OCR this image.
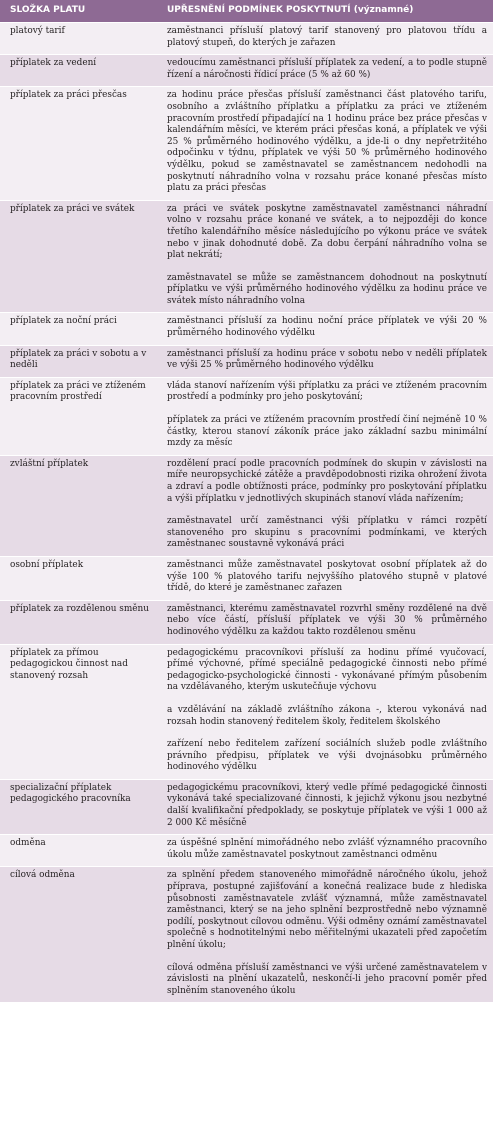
SLOŽKA PLATU	UPŘESNĚNÍ PODMÍNEK POSKYTNUTÍ (významné)
platový tarif	zaměstnanci přísluší platový tarif stanovený pro platovou třídu a platový stupeň, do kterých je zařazen

příplatek za vedení	vedoucímu zaměstnanci přísluší příplatek za vedení, a to podle stupně řízení a náročnosti řídicí práce (5 % až 60 %)

příplatek za práci přesčas	za hodinu práce přesčas přísluší zaměstnanci část platového tarifu, osobního a zvláštního příplatku a příplatku za práci ve ztíženém pracovním prostředí připadající na 1 hodinu práce bez práce přesčas v kalendářním měsíci, ve kterém práci přesčas koná, a příplatek ve výši 25 % průměrného hodinového výdělku, a jde-li o dny nepřetržitého odpočinku v týdnu, příplatek ve výši 50 % průměrného hodinového výdělku, pokud se zaměstnavatel se zaměstnancem nedohodli na poskytnutí náhradního volna v rozsahu práce konané přesčas místo platu za práci přesčas

příplatek za práci ve svátek	za práci ve svátek poskytne zaměstnavatel zaměstnanci náhradní volno v rozsahu práce konané ve svátek, a to nejpozději do konce třetího kalendářního měsíce následujícího po výkonu práce ve svátek nebo v jinak dohodnuté době. Za dobu čerpání náhradního volna se plat nekrátí;

zaměstnavatel se může se zaměstnancem dohodnout na poskytnutí příplatku ve výši průměrného hodinového výdělku za hodinu práce ve svátek místo náhradního volna

příplatek za noční práci	zaměstnanci přísluší za hodinu noční práce příplatek ve výši 20 % průměrného hodinového výdělku

příplatek za práci v sobotu a v neděli	zaměstnanci přísluší za hodinu práce v sobotu nebo v neděli příplatek ve výši 25 % průměrného hodinového výdělku

příplatek za práci ve ztíženém pracovním prostředí	vláda stanoví nařízením výši příplatku za práci ve ztíženém pracovním prostředí a podmínky pro jeho poskytování;

příplatek za práci ve ztíženém pracovním prostředí činí nejméně 10 % částky, kterou stanoví zákoník práce jako základní sazbu minimální mzdy za měsíc

zvláštní příplatek	rozdělení prací podle pracovních podmínek do skupin v závislosti na míře neuropsychické zátěže a pravděpodobnosti rizika ohrožení života a zdraví a podle obtížnosti práce, podmínky pro poskytování příplatku a výši příplatku v jednotlivých skupinách stanoví vláda nařízením;

zaměstnavatel určí zaměstnanci výši příplatku v rámci rozpětí stanoveného pro skupinu s pracovními podmínkami, ve kterých zaměstnanec soustavně vykonává práci

osobní příplatek	zaměstnanci může zaměstnavatel poskytovat osobní příplatek až do výše 100 % platového tarifu nejvyššího platového stupně v platové třídě, do které je zaměstnanec zařazen

příplatek za rozdělenou směnu	zaměstnanci, kterému zaměstnavatel rozvrhl směny rozdělené na dvě nebo více částí, přísluší příplatek ve výši 30 % průměrného hodinového výdělku za každou takto rozdělenou směnu

příplatek za přímou pedagogickou činnost nad stanovený rozsah	pedagogickému pracovníkovi přísluší za hodinu přímé vyučovací, přímé výchovné, přímé speciálně pedagogické činnosti nebo přímé pedagogicko-psychologické činnosti - vykonávané přímým působením na vzdělávaného, kterým uskutečňuje výchovu

a vzdělávání na základě zvláštního zákona -, kterou vykonává nad rozsah hodin stanovený ředitelem školy, ředitelem školského

zařízení nebo ředitelem zařízení sociálních služeb podle zvláštního právního předpisu, příplatek ve výši dvojnásobku průměrného hodinového výdělku

specializační příplatek pedagogického pracovníka	pedagogickému pracovníkovi, který vedle přímé pedagogické činnosti vykonává také specializované činnosti, k jejichž výkonu jsou nezbytné další kvalifikační předpoklady, se poskytuje příplatek ve výši 1 000 až 2 000 Kč měsíčně

odměna	za úspěšné splnění mimořádného nebo zvlášť významného pracovního úkolu může zaměstnavatel poskytnout zaměstnanci odměnu

cílová odměna	za splnění předem stanoveného mimořádně náročného úkolu, jehož příprava, postupné zajišťování a konečná realizace bude z hlediska působnosti zaměstnavatele zvlášť významná, může zaměstnavatel zaměstnanci, který se na jeho splnění bezprostředně nebo významně podílí, poskytnout cílovou odměnu. Výši odměny oznámí zaměstnavatel společně s hodnotitelnými nebo měřitelnými ukazateli před započetím plnění úkolu;

cílová odměna přísluší zaměstnanci ve výši určené zaměstnavatelem v závislosti na plnění ukazatelů, neskončí-li jeho pracovní poměr před splněním stanoveného úkolu
